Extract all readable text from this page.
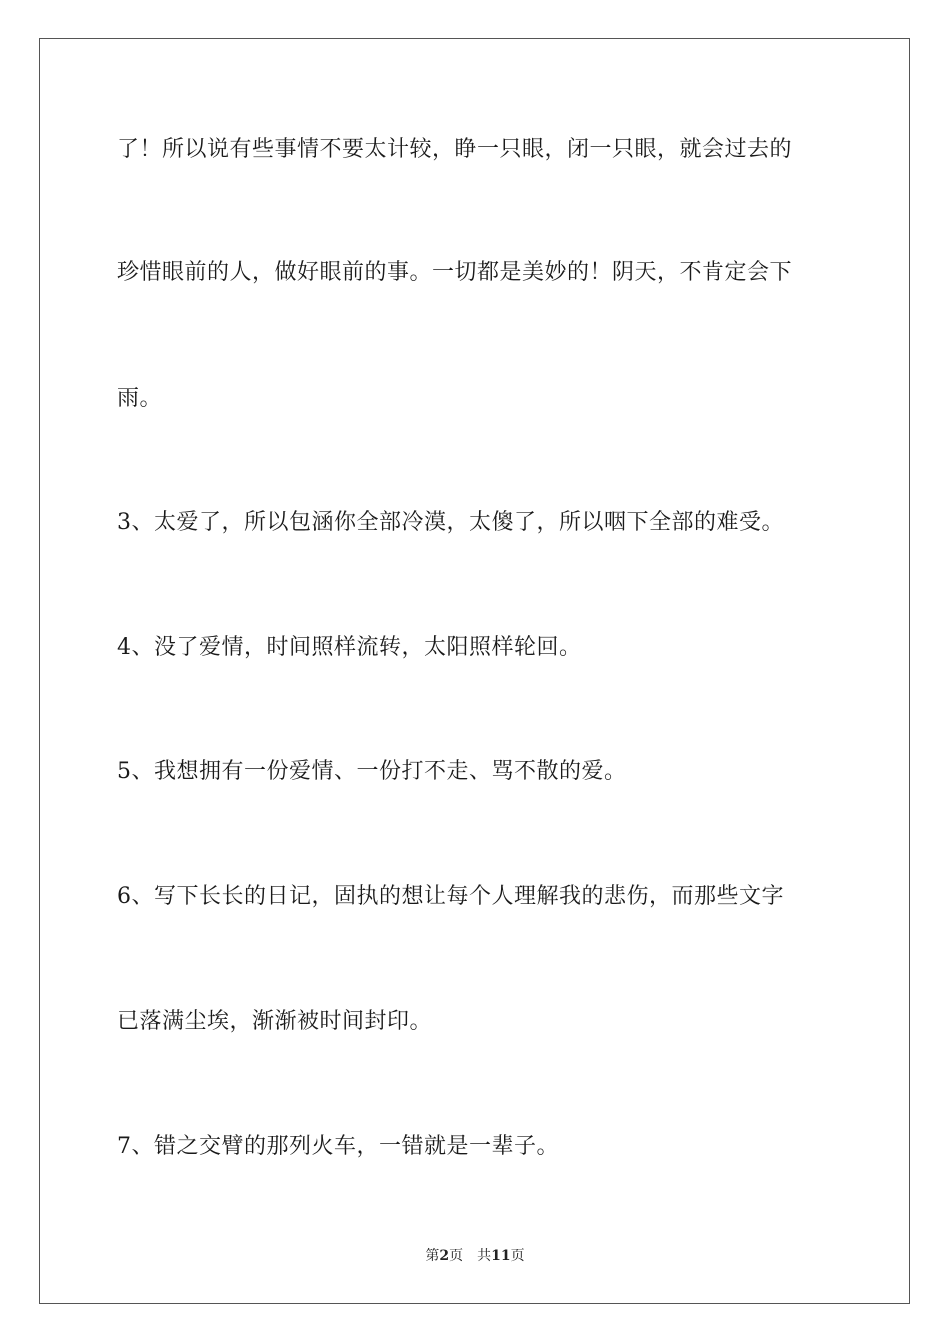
了！所以说有些事情不要太计较，睁一只眼，闭一只眼，就会过去的
珍惜眼前的人，做好眼前的事。一切都是美妙的！阴天，不肯定会下
雨。
3、太爱了，所以包涵你全部冷漠，太傻了，所以咽下全部的难受。
4、没了爱情，时间照样流转，太阳照样轮回。
5、我想拥有一份爱情、一份打不走、骂不散的爱。
6、写下长长的日记，固执的想让每个人理解我的悲伤，而那些文字
已落满尘埃，渐渐被时间封印。
7、错之交臂的那列火车，一错就是一辈子。
第2页 共11页
